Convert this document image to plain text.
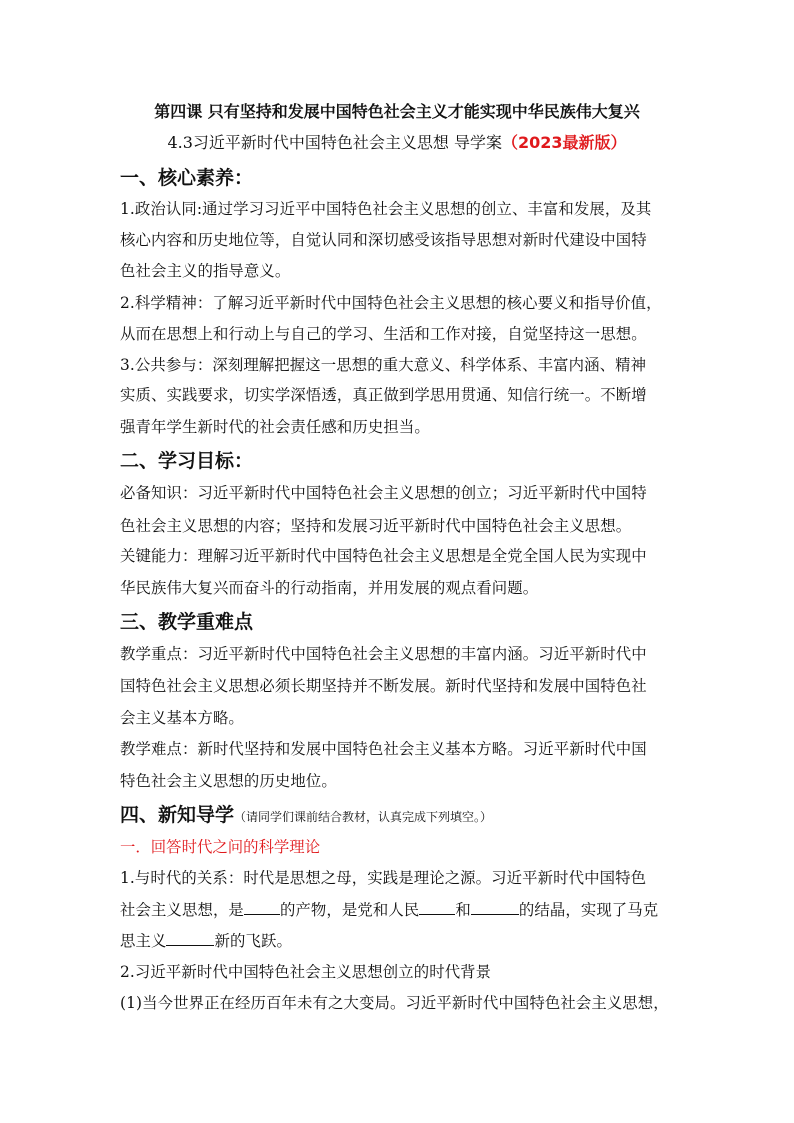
第四课 只有坚持和发展中国特色社会主义才能实现中华民族伟大复兴
4.3习近平新时代中国特色社会主义思想 导学案（2023最新版）
一、核心素养：
1.政治认同:通过学习习近平中国特色社会主义思想的创立、丰富和发展，及其
核心内容和历史地位等，自觉认同和深切感受该指导思想对新时代建设中国特
色社会主义的指导意义。
2.科学精神：了解习近平新时代中国特色社会主义思想的核心要义和指导价值，
从而在思想上和行动上与自己的学习、生活和工作对接，自觉坚持这一思想。
3.公共参与：深刻理解把握这一思想的重大意义、科学体系、丰富内涵、精神
实质、实践要求，切实学深悟透，真正做到学思用贯通、知信行统一。不断增
强青年学生新时代的社会责任感和历史担当。
二、学习目标：
必备知识：习近平新时代中国特色社会主义思想的创立；习近平新时代中国特
色社会主义思想的内容；坚持和发展习近平新时代中国特色社会主义思想。
关键能力：理解习近平新时代中国特色社会主义思想是全党全国人民为实现中
华民族伟大复兴而奋斗的行动指南，并用发展的观点看问题。
三、教学重难点
教学重点：习近平新时代中国特色社会主义思想的丰富内涵。习近平新时代中
国特色社会主义思想必须长期坚持并不断发展。新时代坚持和发展中国特色社
会主义基本方略。
教学难点：新时代坚持和发展中国特色社会主义基本方略。习近平新时代中国
特色社会主义思想的历史地位。
四、新知导学（请同学们课前结合教材，认真完成下列填空。）
一．回答时代之问的科学理论
1.与时代的关系：时代是思想之母，实践是理论之源。习近平新时代中国特色
社会主义思想，是 的产物，是党和人民 和	的结晶，实现了马克
思主义	新的飞跃。
2.习近平新时代中国特色社会主义思想创立的时代背景
(1)当今世界正在经历百年未有之大变局。习近平新时代中国特色社会主义思想，
